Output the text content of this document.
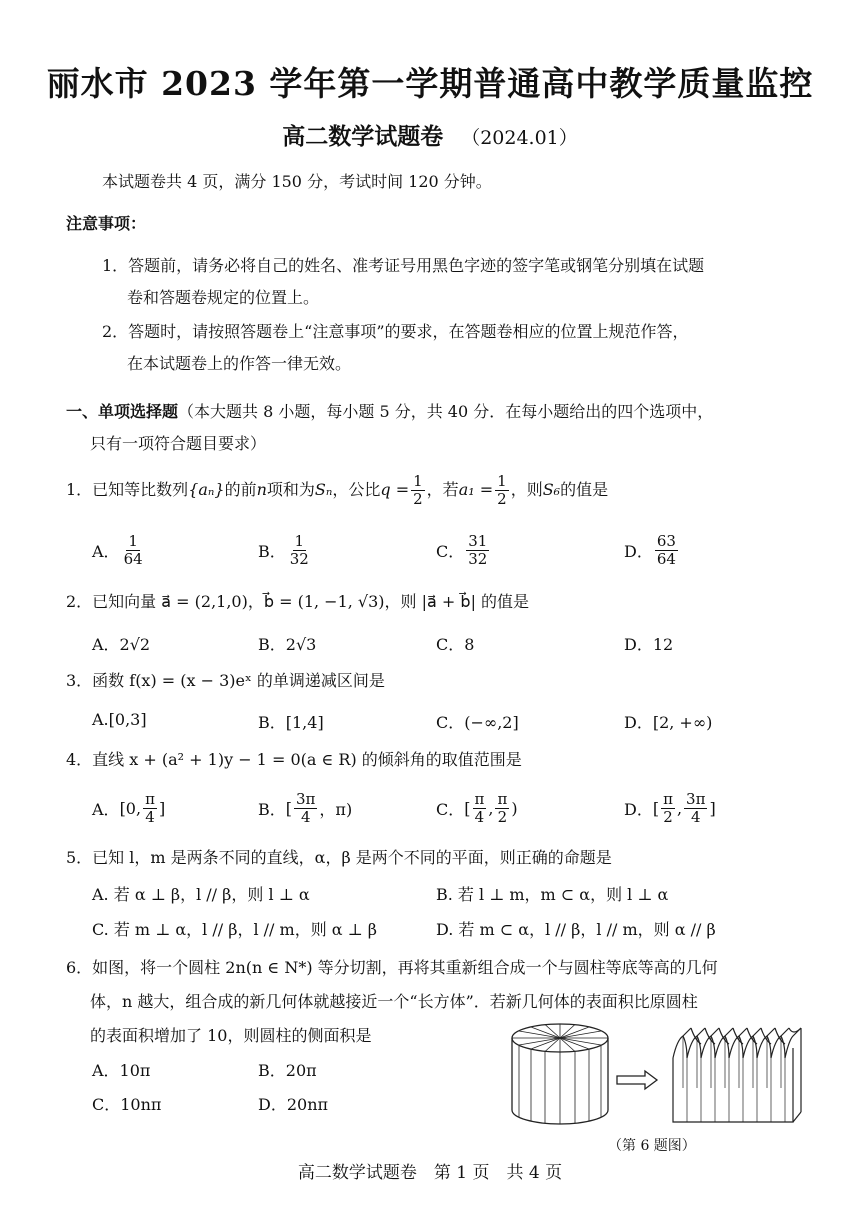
丽水市 2023 学年第一学期普通高中教学质量监控
高二数学试题卷 （2024.01）
本试题卷共 4 页，满分 150 分，考试时间 120 分钟。
注意事项：
1．答题前，请务必将自己的姓名、准考证号用黑色字迹的签字笔或钢笔分别填在试题
卷和答题卷规定的位置上。
2．答题时，请按照答题卷上“注意事项”的要求，在答题卷相应的位置上规范作答，
在本试题卷上的作答一律无效。
一、单项选择题（本大题共 8 小题，每小题 5 分，共 40 分．在每小题给出的四个选项中，
只有一项符合题目要求）
1．已知等比数列 {aₙ} 的前 n 项和为 Sₙ ，公比 $q = \frac{1}{2}$ ，若 $a_1 = \frac{1}{2}$ ，则 S₆ 的值是
A． $\frac{1}{64}$	B． $\frac{1}{32}$	C． $\frac{31}{32}$	D． $\frac{63}{64}$
2．已知向量 a⃗ = (2,1,0)，b⃗ = (1, −1, √3)，则 |a⃗ + b⃗| 的值是
A．2√2	B．2√3	C．8	D．12
3．函数 f(x) = (x − 3)eˣ 的单调递减区间是
A.[0,3]	B．[1,4]	C．(−∞,2]	D．[2, +∞)
4．直线 x + (a² + 1)y − 1 = 0(a ∈ R) 的倾斜角的取值范围是
A． [0, $\frac{\pi}{4}$ ]	B． [ $\frac{3\pi}{4}$ ，π)	C． [ $\frac{\pi}{4}$ , $\frac{\pi}{2}$ )	D． [ $\frac{\pi}{2}$ , $\frac{3\pi}{4}$ ]
5．已知 l，m 是两条不同的直线，α，β 是两个不同的平面，则正确的命题是
A. 若 α ⊥ β，l // β，则 l ⊥ α	B. 若 l ⊥ m，m ⊂ α，则 l ⊥ α
C. 若 m ⊥ α，l // β，l // m，则 α ⊥ β	D. 若 m ⊂ α，l // β，l // m，则 α // β
6．如图，将一个圆柱 2n(n ∈ N*) 等分切割，再将其重新组合成一个与圆柱等底等高的几何
体，n 越大，组合成的新几何体就越接近一个“长方体”．若新几何体的表面积比原圆柱
的表面积增加了 10，则圆柱的侧面积是
A．10π	B．20π
C．10nπ	D．20nπ
（第 6 题图）
高二数学试题卷　第 1 页　共 4 页
